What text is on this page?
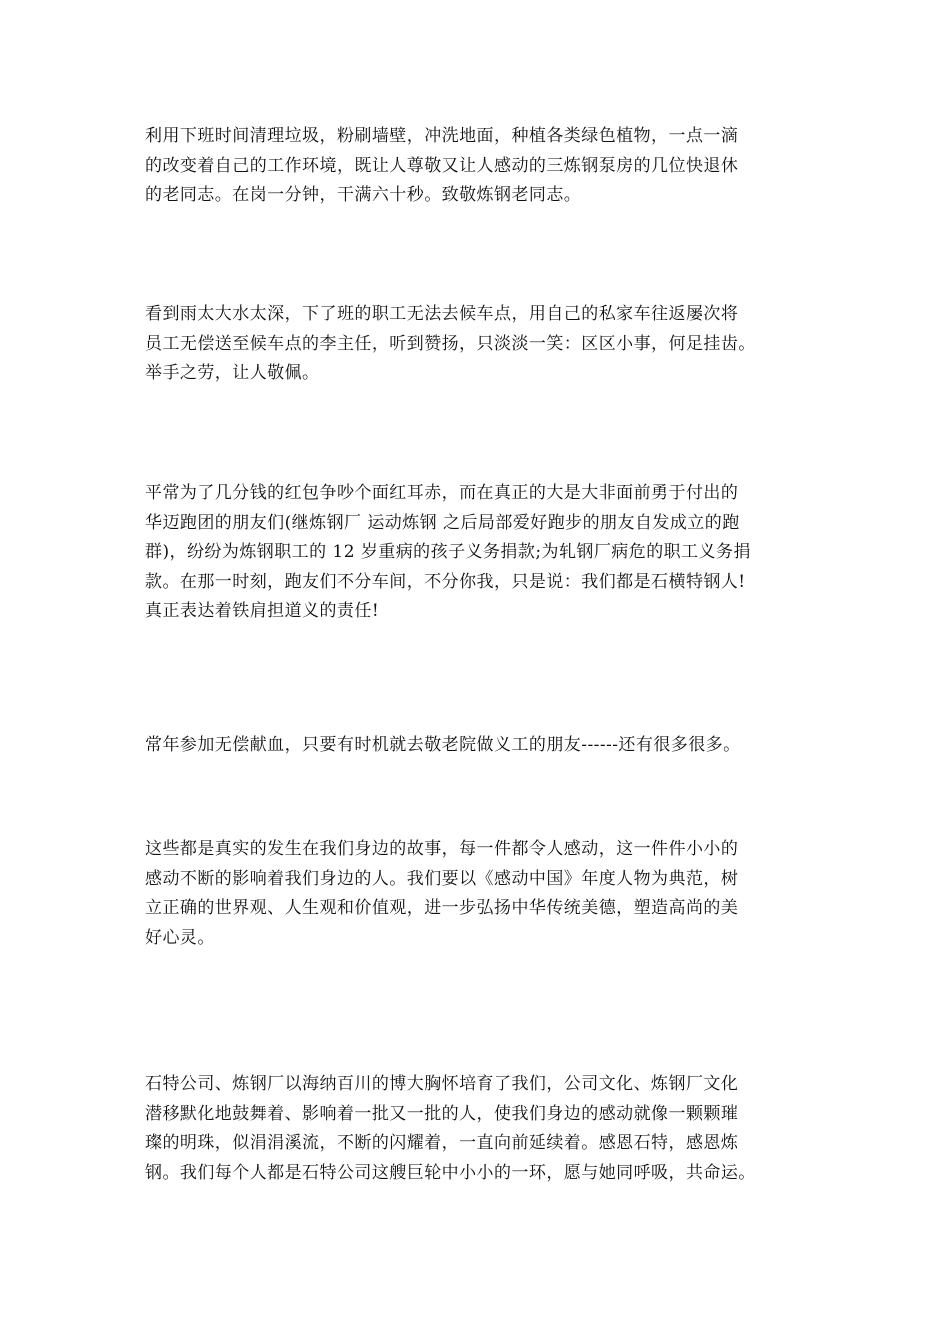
利用下班时间清理垃圾，粉刷墙壁，冲洗地面，种植各类绿色植物，一点一滴
的改变着自己的工作环境，既让人尊敬又让人感动的三炼钢泵房的几位快退休
的老同志。在岗一分钟，干满六十秒。致敬炼钢老同志。
看到雨太大水太深，下了班的职工无法去候车点，用自己的私家车往返屡次将
员工无偿送至候车点的李主任，听到赞扬，只淡淡一笑：区区小事，何足挂齿。
举手之劳，让人敬佩。
平常为了几分钱的红包争吵个面红耳赤，而在真正的大是大非面前勇于付出的
华迈跑团的朋友们(继炼钢厂 运动炼钢 之后局部爱好跑步的朋友自发成立的跑
群)，纷纷为炼钢职工的 12 岁重病的孩子义务捐款;为轧钢厂病危的职工义务捐
款。在那一时刻，跑友们不分车间，不分你我，只是说：我们都是石横特钢人!
真正表达着铁肩担道义的责任!
常年参加无偿献血，只要有时机就去敬老院做义工的朋友------还有很多很多。
这些都是真实的发生在我们身边的故事，每一件都令人感动，这一件件小小的
感动不断的影响着我们身边的人。我们要以《感动中国》年度人物为典范，树
立正确的世界观、人生观和价值观，进一步弘扬中华传统美德，塑造高尚的美
好心灵。
石特公司、炼钢厂以海纳百川的博大胸怀培育了我们，公司文化、炼钢厂文化
潜移默化地鼓舞着、影响着一批又一批的人，使我们身边的感动就像一颗颗璀
璨的明珠，似涓涓溪流，不断的闪耀着，一直向前延续着。感恩石特，感恩炼
钢。我们每个人都是石特公司这艘巨轮中小小的一环，愿与她同呼吸，共命运。
